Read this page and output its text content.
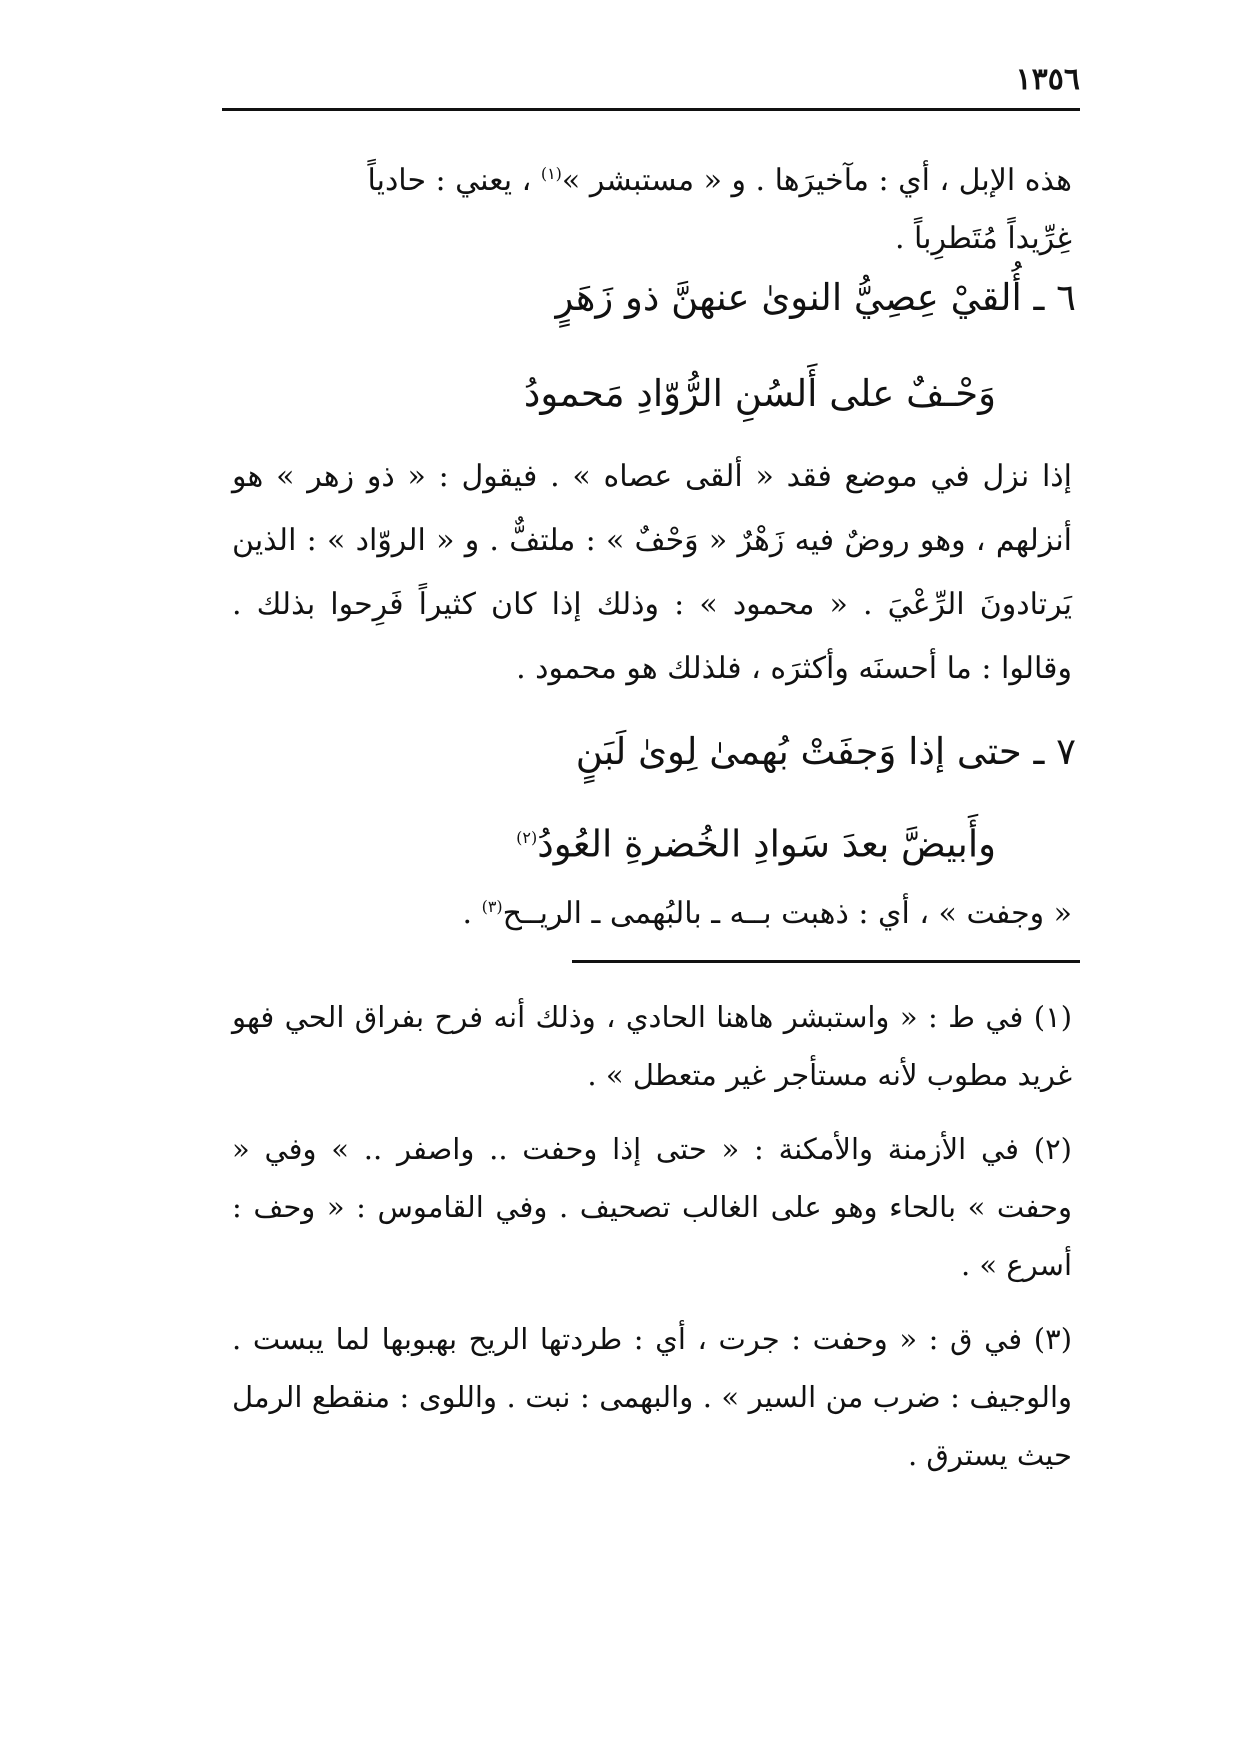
١٣٥٦

هذه الإبل ، أي : مآخيرَها . و « مستبشر »$^{(١)}$ ، يعني : حادياً

غِرِّيداً مُتَطرِباً .

٦ ـ أُلقيْ عِصِيُّ النوىٰ عنهنَّ ذو زَهَرٍ
وَحْـفٌ على أَلسُنِ الرُّوّادِ مَحمودُ

إذا نزل في موضع فقد « ألقى عصاه » . فيقول : « ذو زهر » هو أنزلهم ، وهو روضٌ فيه زَهْرٌ « وَحْفٌ » : ملتفٌّ . و « الروّاد » : الذين يَرتادونَ الرِّعْيَ . « محمود » : وذلك إذا كان كثيراً فَرِحوا بذلك . وقالوا : ما أحسنَه وأكثرَه ، فلذلك هو محمود .

٧ ـ حتى إذا وَجفَتْ بُهمىٰ لِوىٰ لَبَنٍ
وأَبيضَّ بعدَ سَوادِ الخُضرةِ العُودُ$^{(٢)}$

« وجفت » ، أي : ذهبت بــه ـ بالبُهمى ـ الريــح$^{(٣)}$ .

(١) في ط : « واستبشر هاهنا الحادي ، وذلك أنه فرح بفراق الحي فهو غريد مطوب لأنه مستأجر غير متعطل » .

(٢) في الأزمنة والأمكنة : « حتى إذا وحفت .. واصفر .. » وفي « وحفت » بالحاء وهو على الغالب تصحيف . وفي القاموس : « وحف : أسرع » .

(٣) في ق : « وحفت : جرت ، أي : طردتها الريح بهبوبها لما يبست . والوجيف : ضرب من السير » . والبهمى : نبت . واللوى : منقطع الرمل حيث يسترق .
